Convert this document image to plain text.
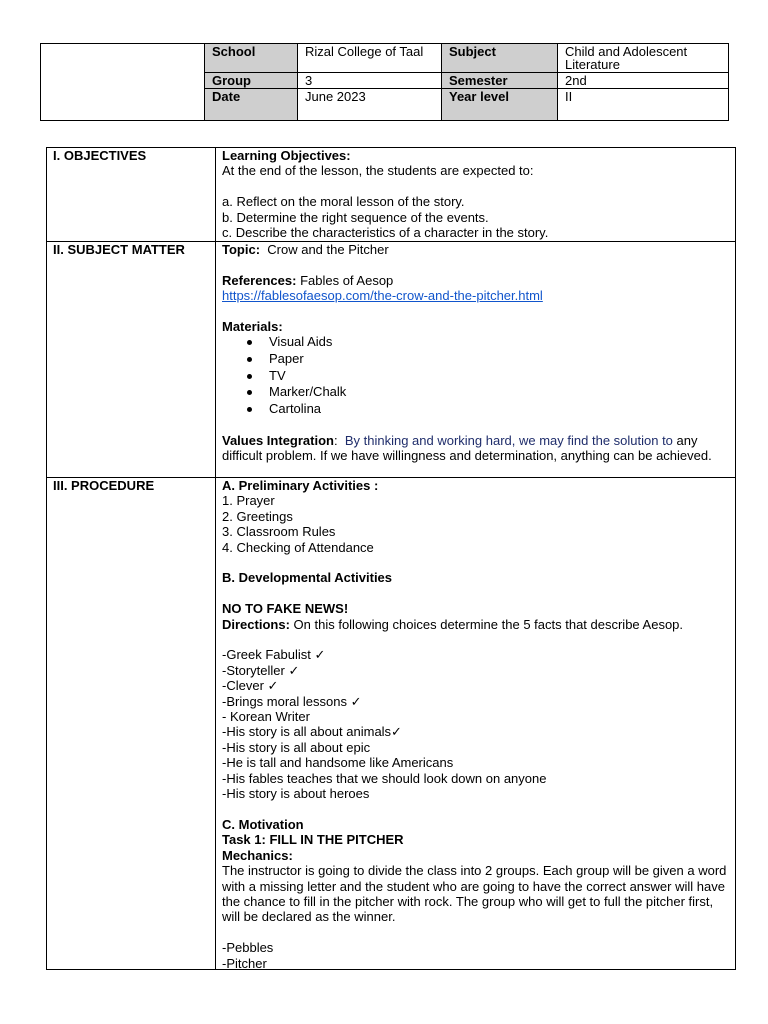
School	Rizal College of Taal	Subject	Child and Adolescent Literature
Group	3	Semester	2nd
Date	June 2023	Year level	II
I. OBJECTIVES	Learning Objectives:
At the end of the lesson, the students are expected to:
a. Reflect on the moral lesson of the story.
b. Determine the right sequence of the events.
c. Describe the characteristics of a character in the story.
II. SUBJECT MATTER	Topic: Crow and the Pitcher
References: Fables of Aesop
https://fablesofaesop.com/the-crow-and-the-pitcher.html
Materials:
Visual Aids
Paper
TV
Marker/Chalk
Cartolina
Values Integration: By thinking and working hard, we may find the solution to any difficult problem. If we have willingness and determination, anything can be achieved.
III. PROCEDURE	A. Preliminary Activities :
1. Prayer
2. Greetings
3. Classroom Rules
4. Checking of Attendance
B. Developmental Activities
NO TO FAKE NEWS!
Directions: On this following choices determine the 5 facts that describe Aesop.
-Greek Fabulist ✓
-Storyteller ✓
-Clever ✓
-Brings moral lessons ✓
- Korean Writer
-His story is all about animals✓
-His story is all about epic
-He is tall and handsome like Americans
-His fables teaches that we should look down on anyone
-His story is about heroes
C. Motivation
Task 1: FILL IN THE PITCHER
Mechanics:
The instructor is going to divide the class into 2 groups. Each group will be given a word with a missing letter and the student who are going to have the correct answer will have the chance to fill in the pitcher with rock. The group who will get to full the pitcher first, will be declared as the winner.
-Pebbles
-Pitcher
